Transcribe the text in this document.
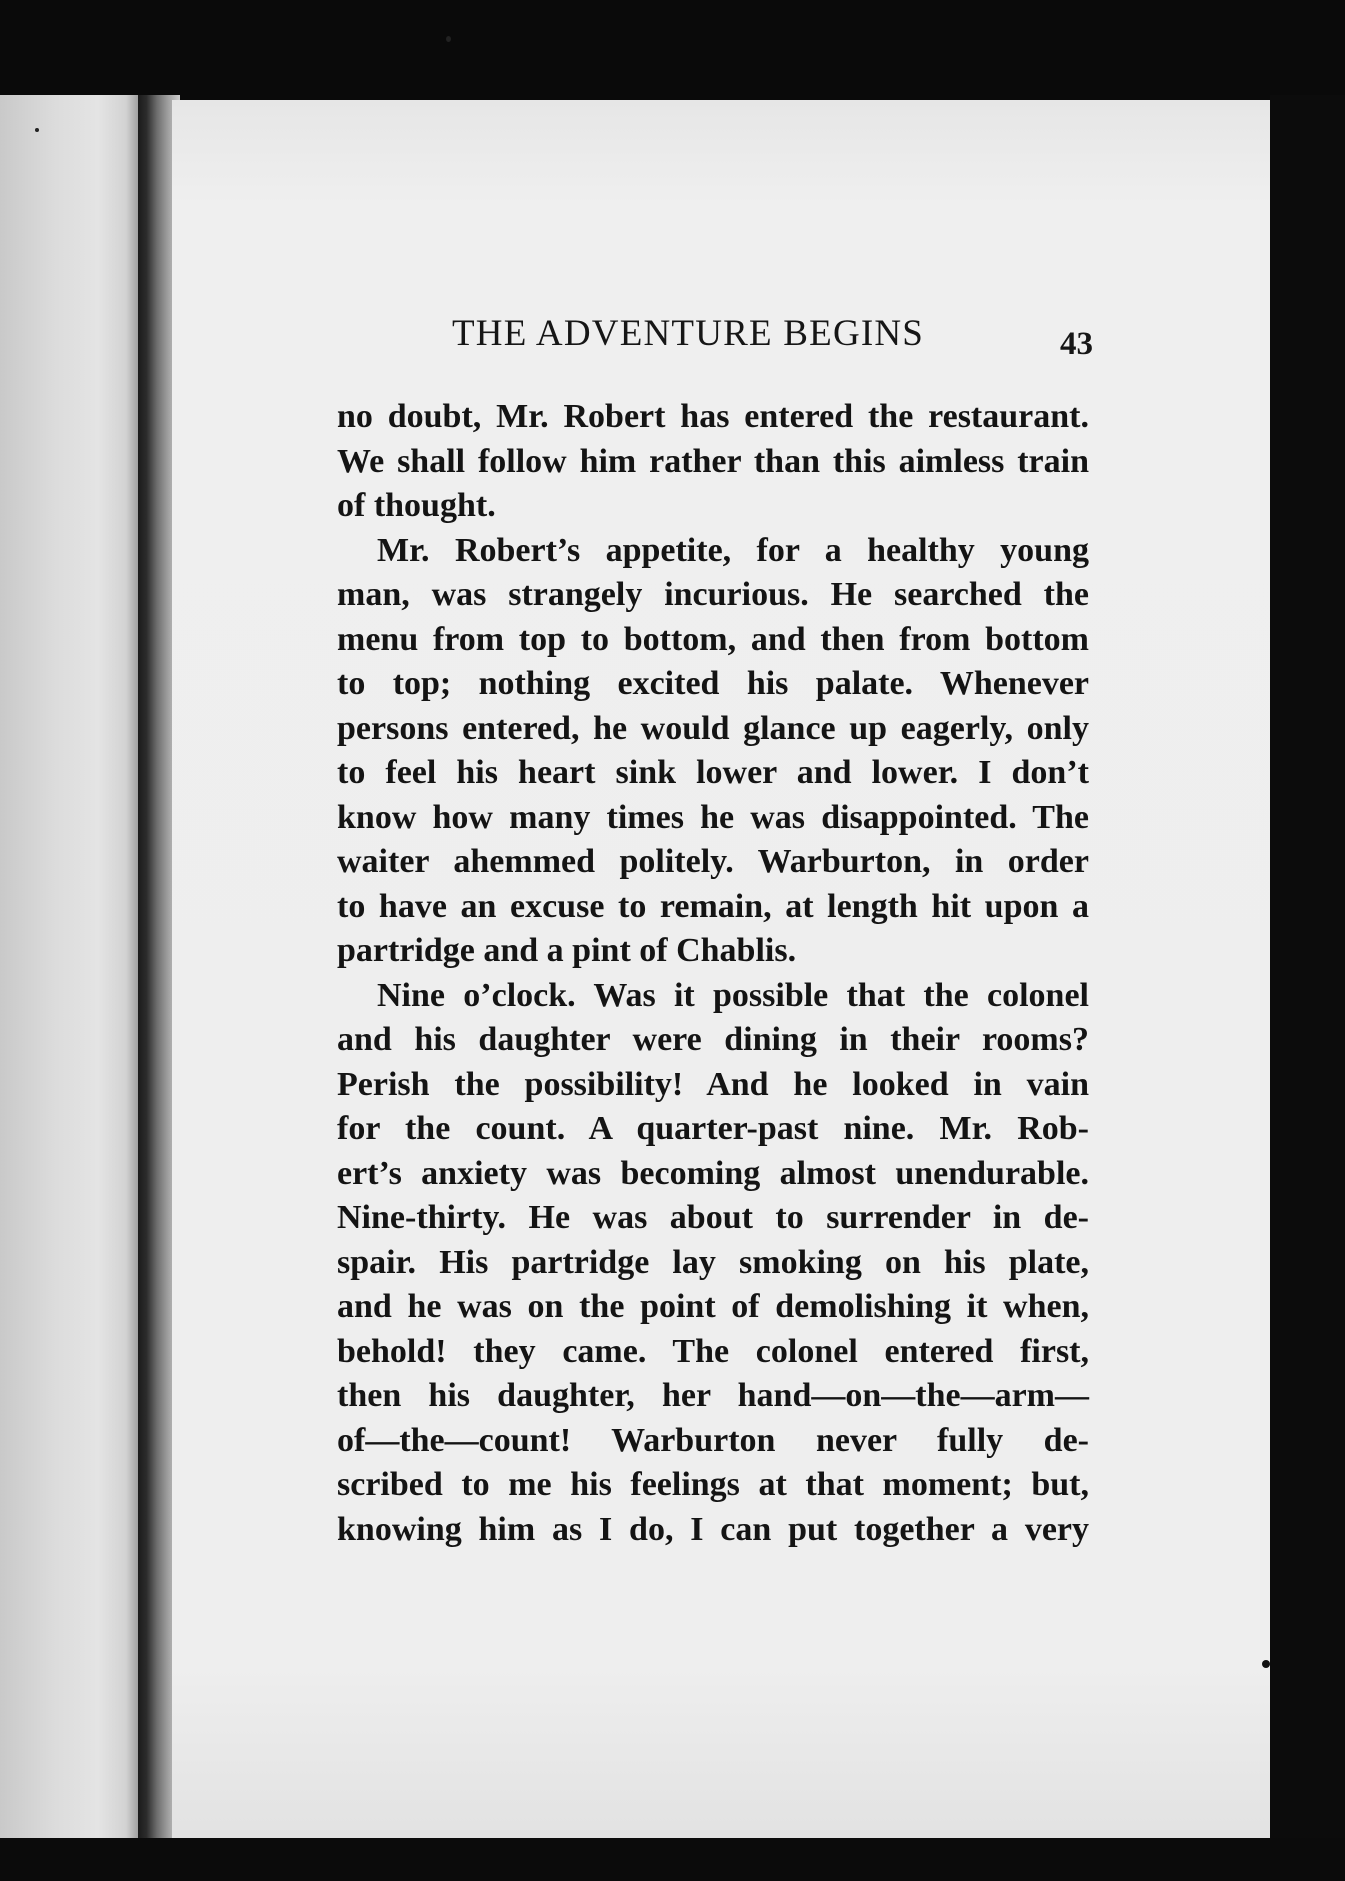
THE ADVENTURE BEGINS	43
no doubt, Mr. Robert has entered the restaurant.
We shall follow him rather than this aimless train
of thought.
Mr. Robert’s appetite, for a healthy young
man, was strangely incurious. He searched the
menu from top to bottom, and then from bottom
to top; nothing excited his palate. Whenever
persons entered, he would glance up eagerly, only
to feel his heart sink lower and lower. I don’t
know how many times he was disappointed. The
waiter ahemmed politely. Warburton, in order
to have an excuse to remain, at length hit upon a
partridge and a pint of Chablis.
Nine o’clock. Was it possible that the colonel
and his daughter were dining in their rooms?
Perish the possibility! And he looked in vain
for the count. A quarter-past nine. Mr. Rob-
ert’s anxiety was becoming almost unendurable.
Nine-thirty. He was about to surrender in de-
spair. His partridge lay smoking on his plate,
and he was on the point of demolishing it when,
behold! they came. The colonel entered first,
then his daughter, her hand—on—the—arm—
of—the—count! Warburton never fully de-
scribed to me his feelings at that moment; but,
knowing him as I do, I can put together a very
